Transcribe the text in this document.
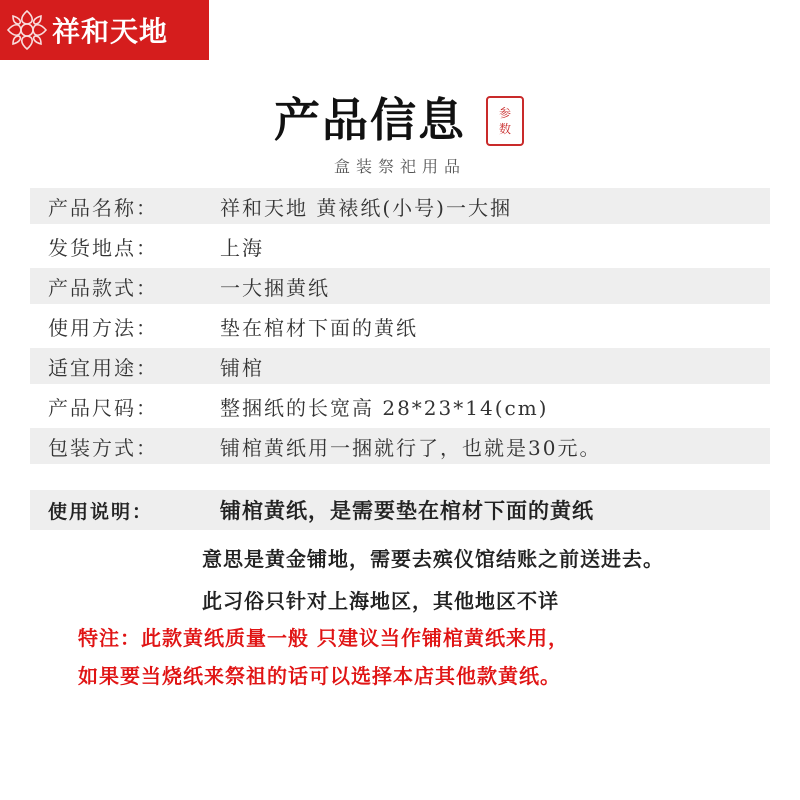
祥和天地
产品信息	参
数
盒装祭祀用品
产品名称：	祥和天地 黄裱纸(小号)一大捆
发货地点：	上海
产品款式：	一大捆黄纸
使用方法：	垫在棺材下面的黄纸
适宜用途：	铺棺
产品尺码：	整捆纸的长宽高 28*23*14(cm)
包装方式：	铺棺黄纸用一捆就行了，也就是30元。
使用说明：	铺棺黄纸，是需要垫在棺材下面的黄纸
意思是黄金铺地，需要去殡仪馆结账之前送进去。
此习俗只针对上海地区，其他地区不详
特注：此款黄纸质量一般 只建议当作铺棺黄纸来用，
如果要当烧纸来祭祖的话可以选择本店其他款黄纸。
